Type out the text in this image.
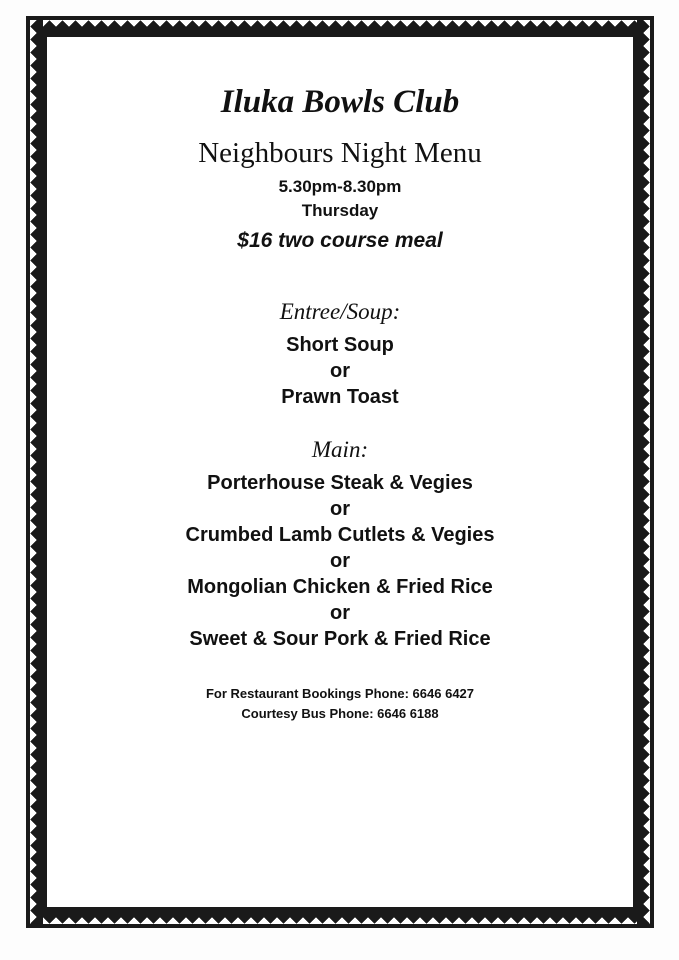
Iluka Bowls Club
Neighbours Night Menu
5.30pm-8.30pm
Thursday
$16 two course meal
Entree/Soup:
Short Soup
or
Prawn Toast
Main:
Porterhouse Steak & Vegies
or
Crumbed Lamb Cutlets & Vegies
or
Mongolian Chicken & Fried Rice
or
Sweet & Sour Pork & Fried Rice
For Restaurant Bookings Phone: 6646 6427
Courtesy Bus Phone: 6646 6188
